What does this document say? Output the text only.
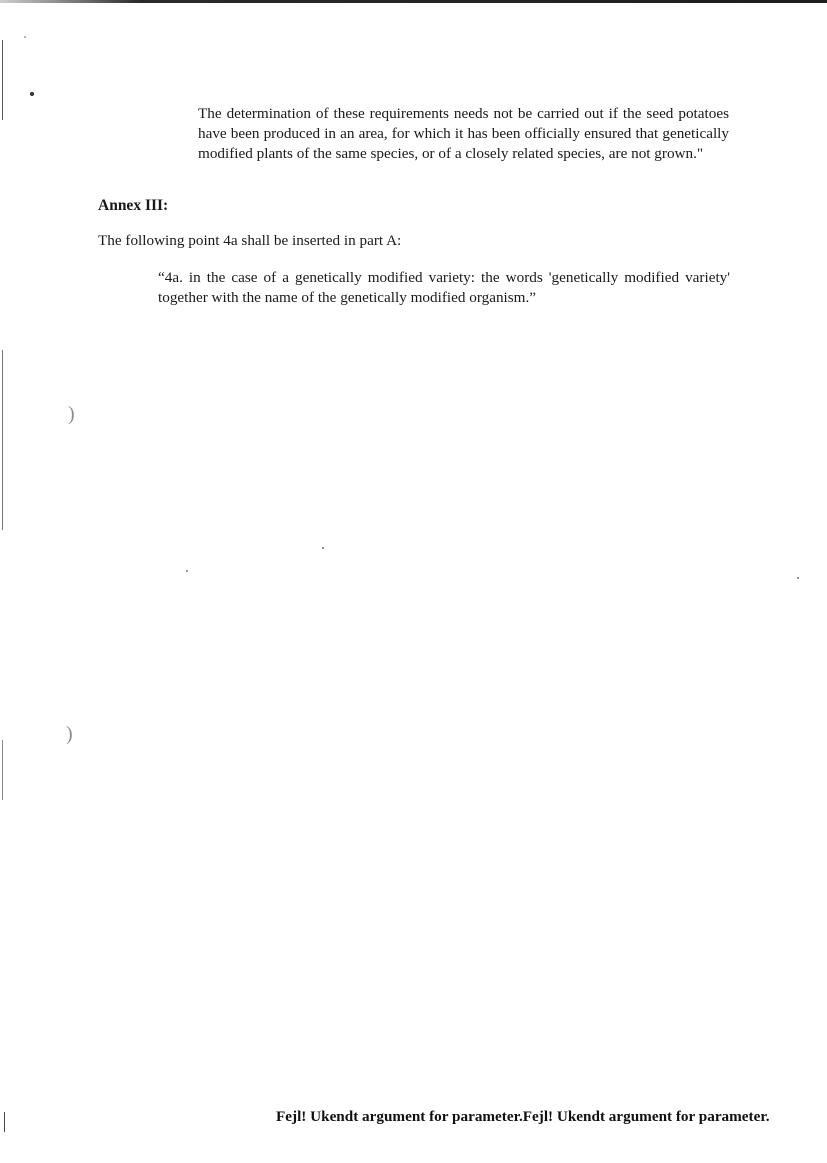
)
)

The determination of these requirements needs not be carried out if the seed potatoes have been produced in an area, for which it has been officially ensured that genetically modified plants of the same species, or of a closely related species, are not grown."

Annex III:

The following point 4a shall be inserted in part A:

“4a. in the case of a genetically modified variety: the words 'genetically modified variety' together with the name of the genetically modified organism.”

Fejl! Ukendt argument for parameter.Fejl! Ukendt argument for parameter.
